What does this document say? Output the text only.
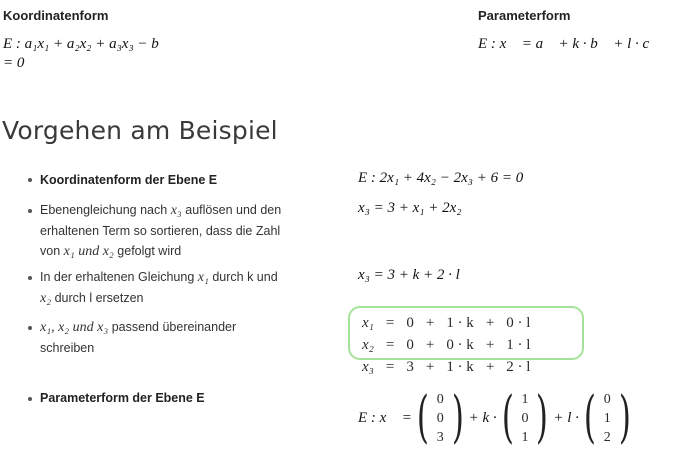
Koordinatenform	Parameterform
E : a₁x₁ + a₂x₂ + a₃x₃ − b
= 0
E : x⃗ = a⃗ + k · b⃗ + l · c⃗
Vorgehen am Beispiel
Koordinatenform der Ebene E	E : 2x₁ + 4x₂ − 2x₃ + 6 = 0
Ebenengleichung nach x₃ auflösen und den
erhaltenen Term so sortieren, dass die Zahl
von x₁ und x₂ gefolgt wird
x₃ = 3 + x₁ + 2x₂
In der erhaltenen Gleichung x₁ durch k und
x₂ durch l ersetzen
x₃ = 3 + k + 2 · l
x₁, x₂ und x₃ passend übereinander
schreiben
x₁	=	0	+	1 · k	+	0 · l
x₂	=	0	+	0 · k	+	1 · l
x₃	=	3	+	1 · k	+	2 · l
Parameterform der Ebene E
E : x⃗ = ( 0
0
3 ) + k · ( 1
0
1 ) + l · ( 0
1
2 )
